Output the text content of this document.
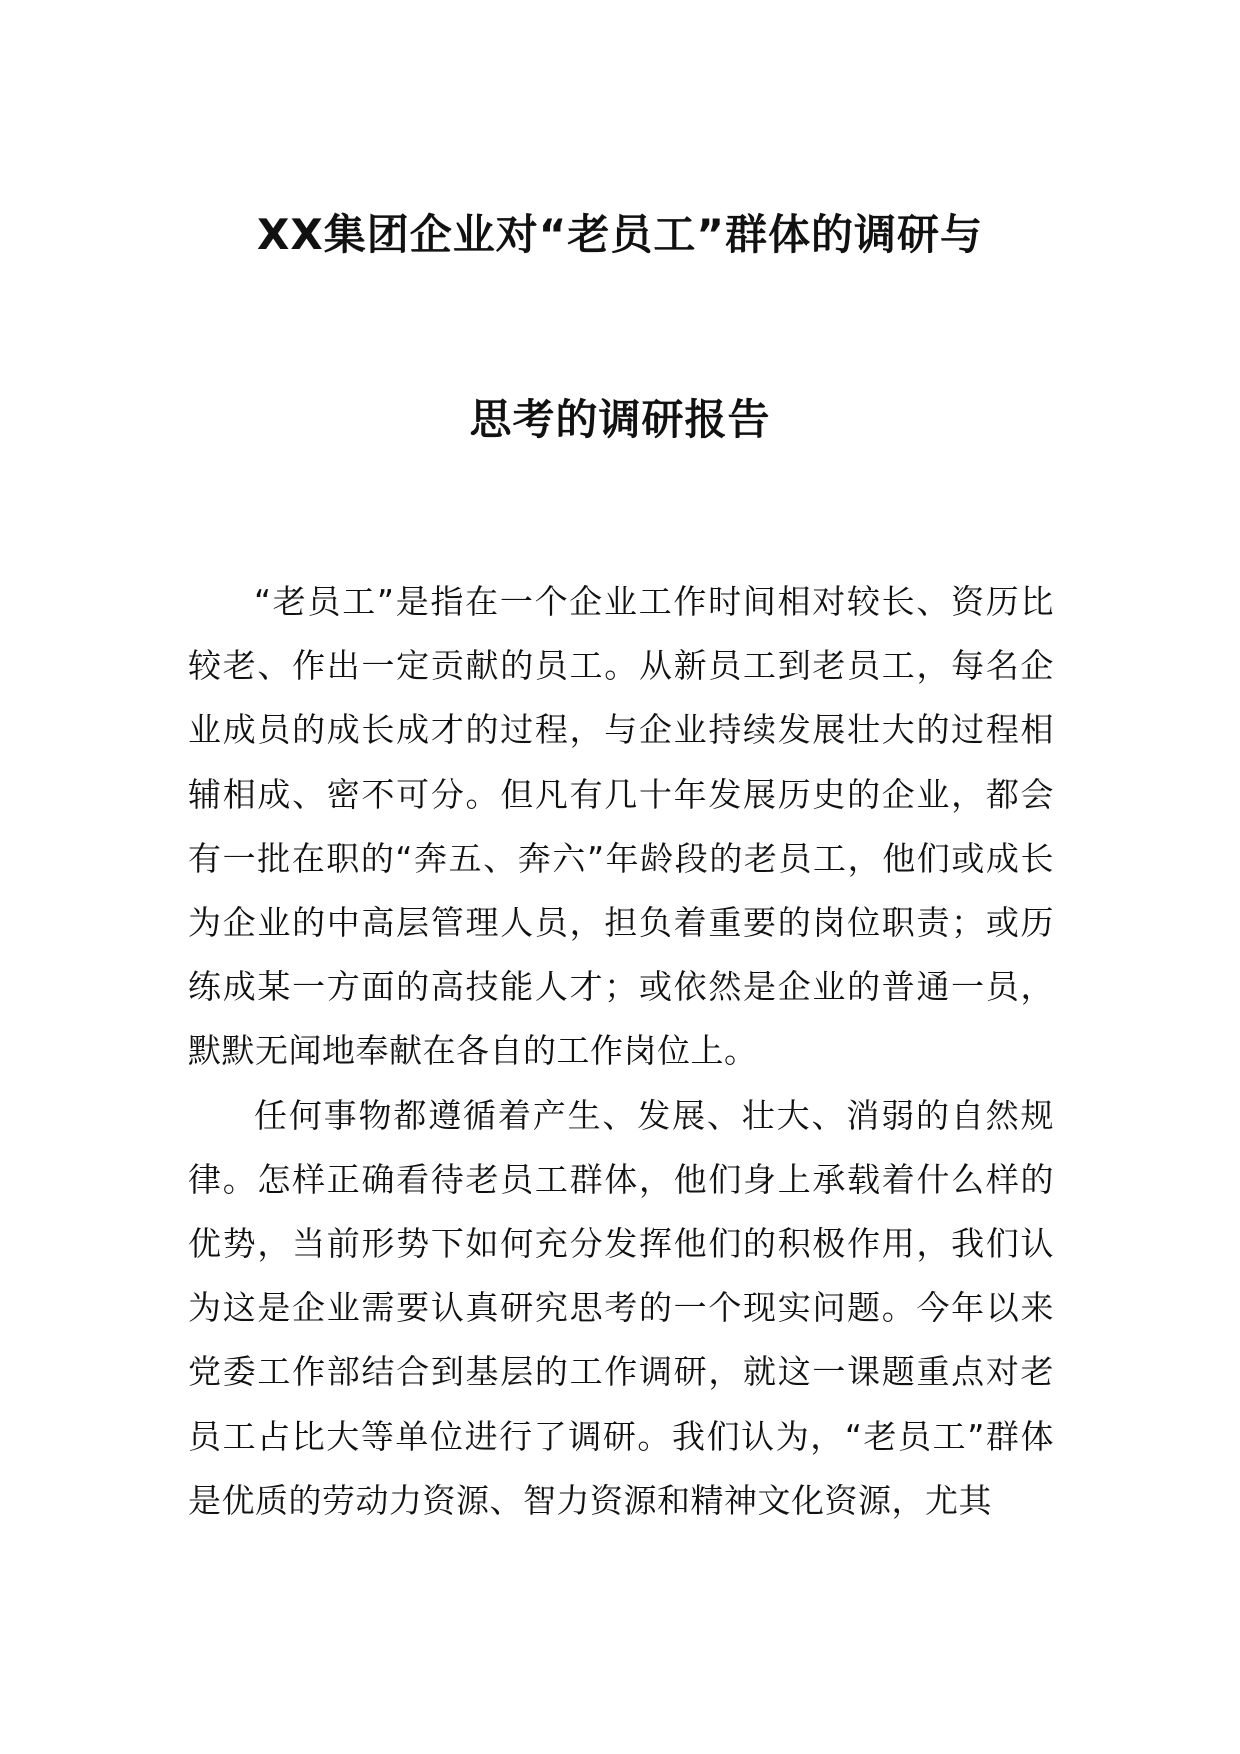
XX集团企业对“老员工”群体的调研与
思考的调研报告

“老员工”是指在一个企业工作时间相对较长、资历比较老、作出一定贡献的员工。从新员工到老员工，每名企业成员的成长成才的过程，与企业持续发展壮大的过程相辅相成、密不可分。但凡有几十年发展历史的企业，都会有一批在职的“奔五、奔六”年龄段的老员工，他们或成长为企业的中高层管理人员，担负着重要的岗位职责；或历练成某一方面的高技能人才；或依然是企业的普通一员，默默无闻地奉献在各自的工作岗位上。

任何事物都遵循着产生、发展、壮大、消弱的自然规律。怎样正确看待老员工群体，他们身上承载着什么样的优势，当前形势下如何充分发挥他们的积极作用，我们认为这是企业需要认真研究思考的一个现实问题。今年以来党委工作部结合到基层的工作调研，就这一课题重点对老员工占比大等单位进行了调研。我们认为，“老员工”群体是优质的劳动力资源、智力资源和精神文化资源，尤其
